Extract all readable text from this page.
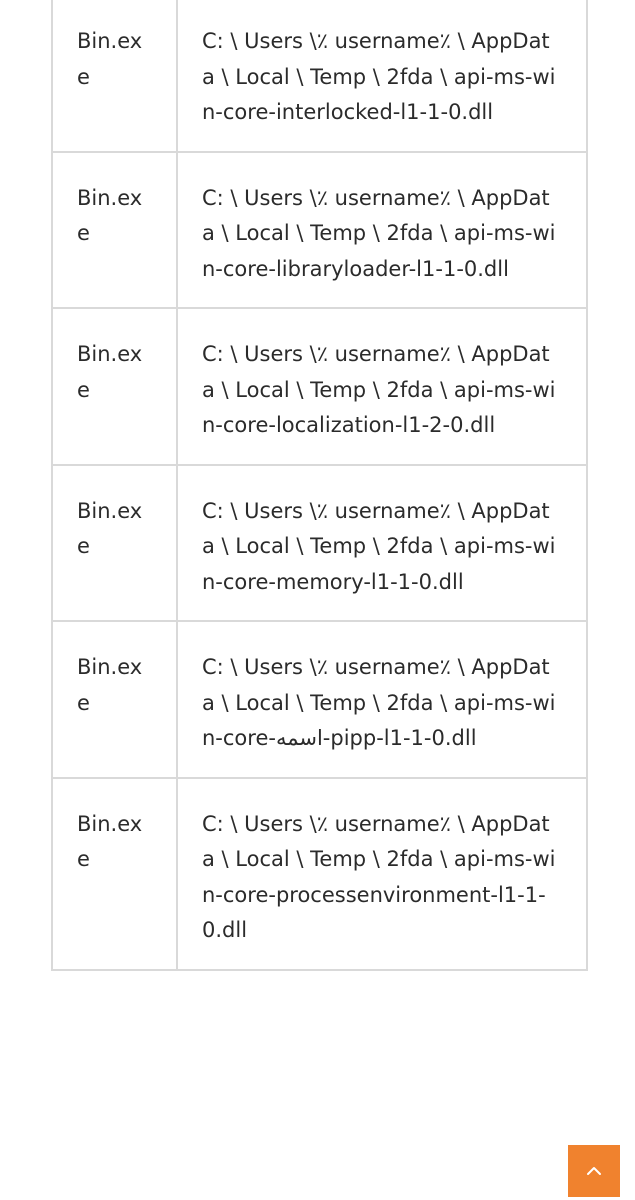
Bin.exe	C: \ Users \٪ username٪ \ AppData \ Local \ Temp \ 2fda \ api-ms-win-core-interlocked-l1-1-0.dll
Bin.exe	C: \ Users \٪ username٪ \ AppData \ Local \ Temp \ 2fda \ api-ms-win-core-libraryloader-l1-1-0.dll
Bin.exe	C: \ Users \٪ username٪ \ AppData \ Local \ Temp \ 2fda \ api-ms-win-core-localization-l1-2-0.dll
Bin.exe	C: \ Users \٪ username٪ \ AppData \ Local \ Temp \ 2fda \ api-ms-win-core-memory-l1-1-0.dll
Bin.exe	C: \ Users \٪ username٪ \ AppData \ Local \ Temp \ 2fda \ api-ms-win-core-اسمه-pipp-l1-1-0.dll
Bin.exe	C: \ Users \٪ username٪ \ AppData \ Local \ Temp \ 2fda \ api-ms-win-core-processenvironment-l1-1-0.dll
